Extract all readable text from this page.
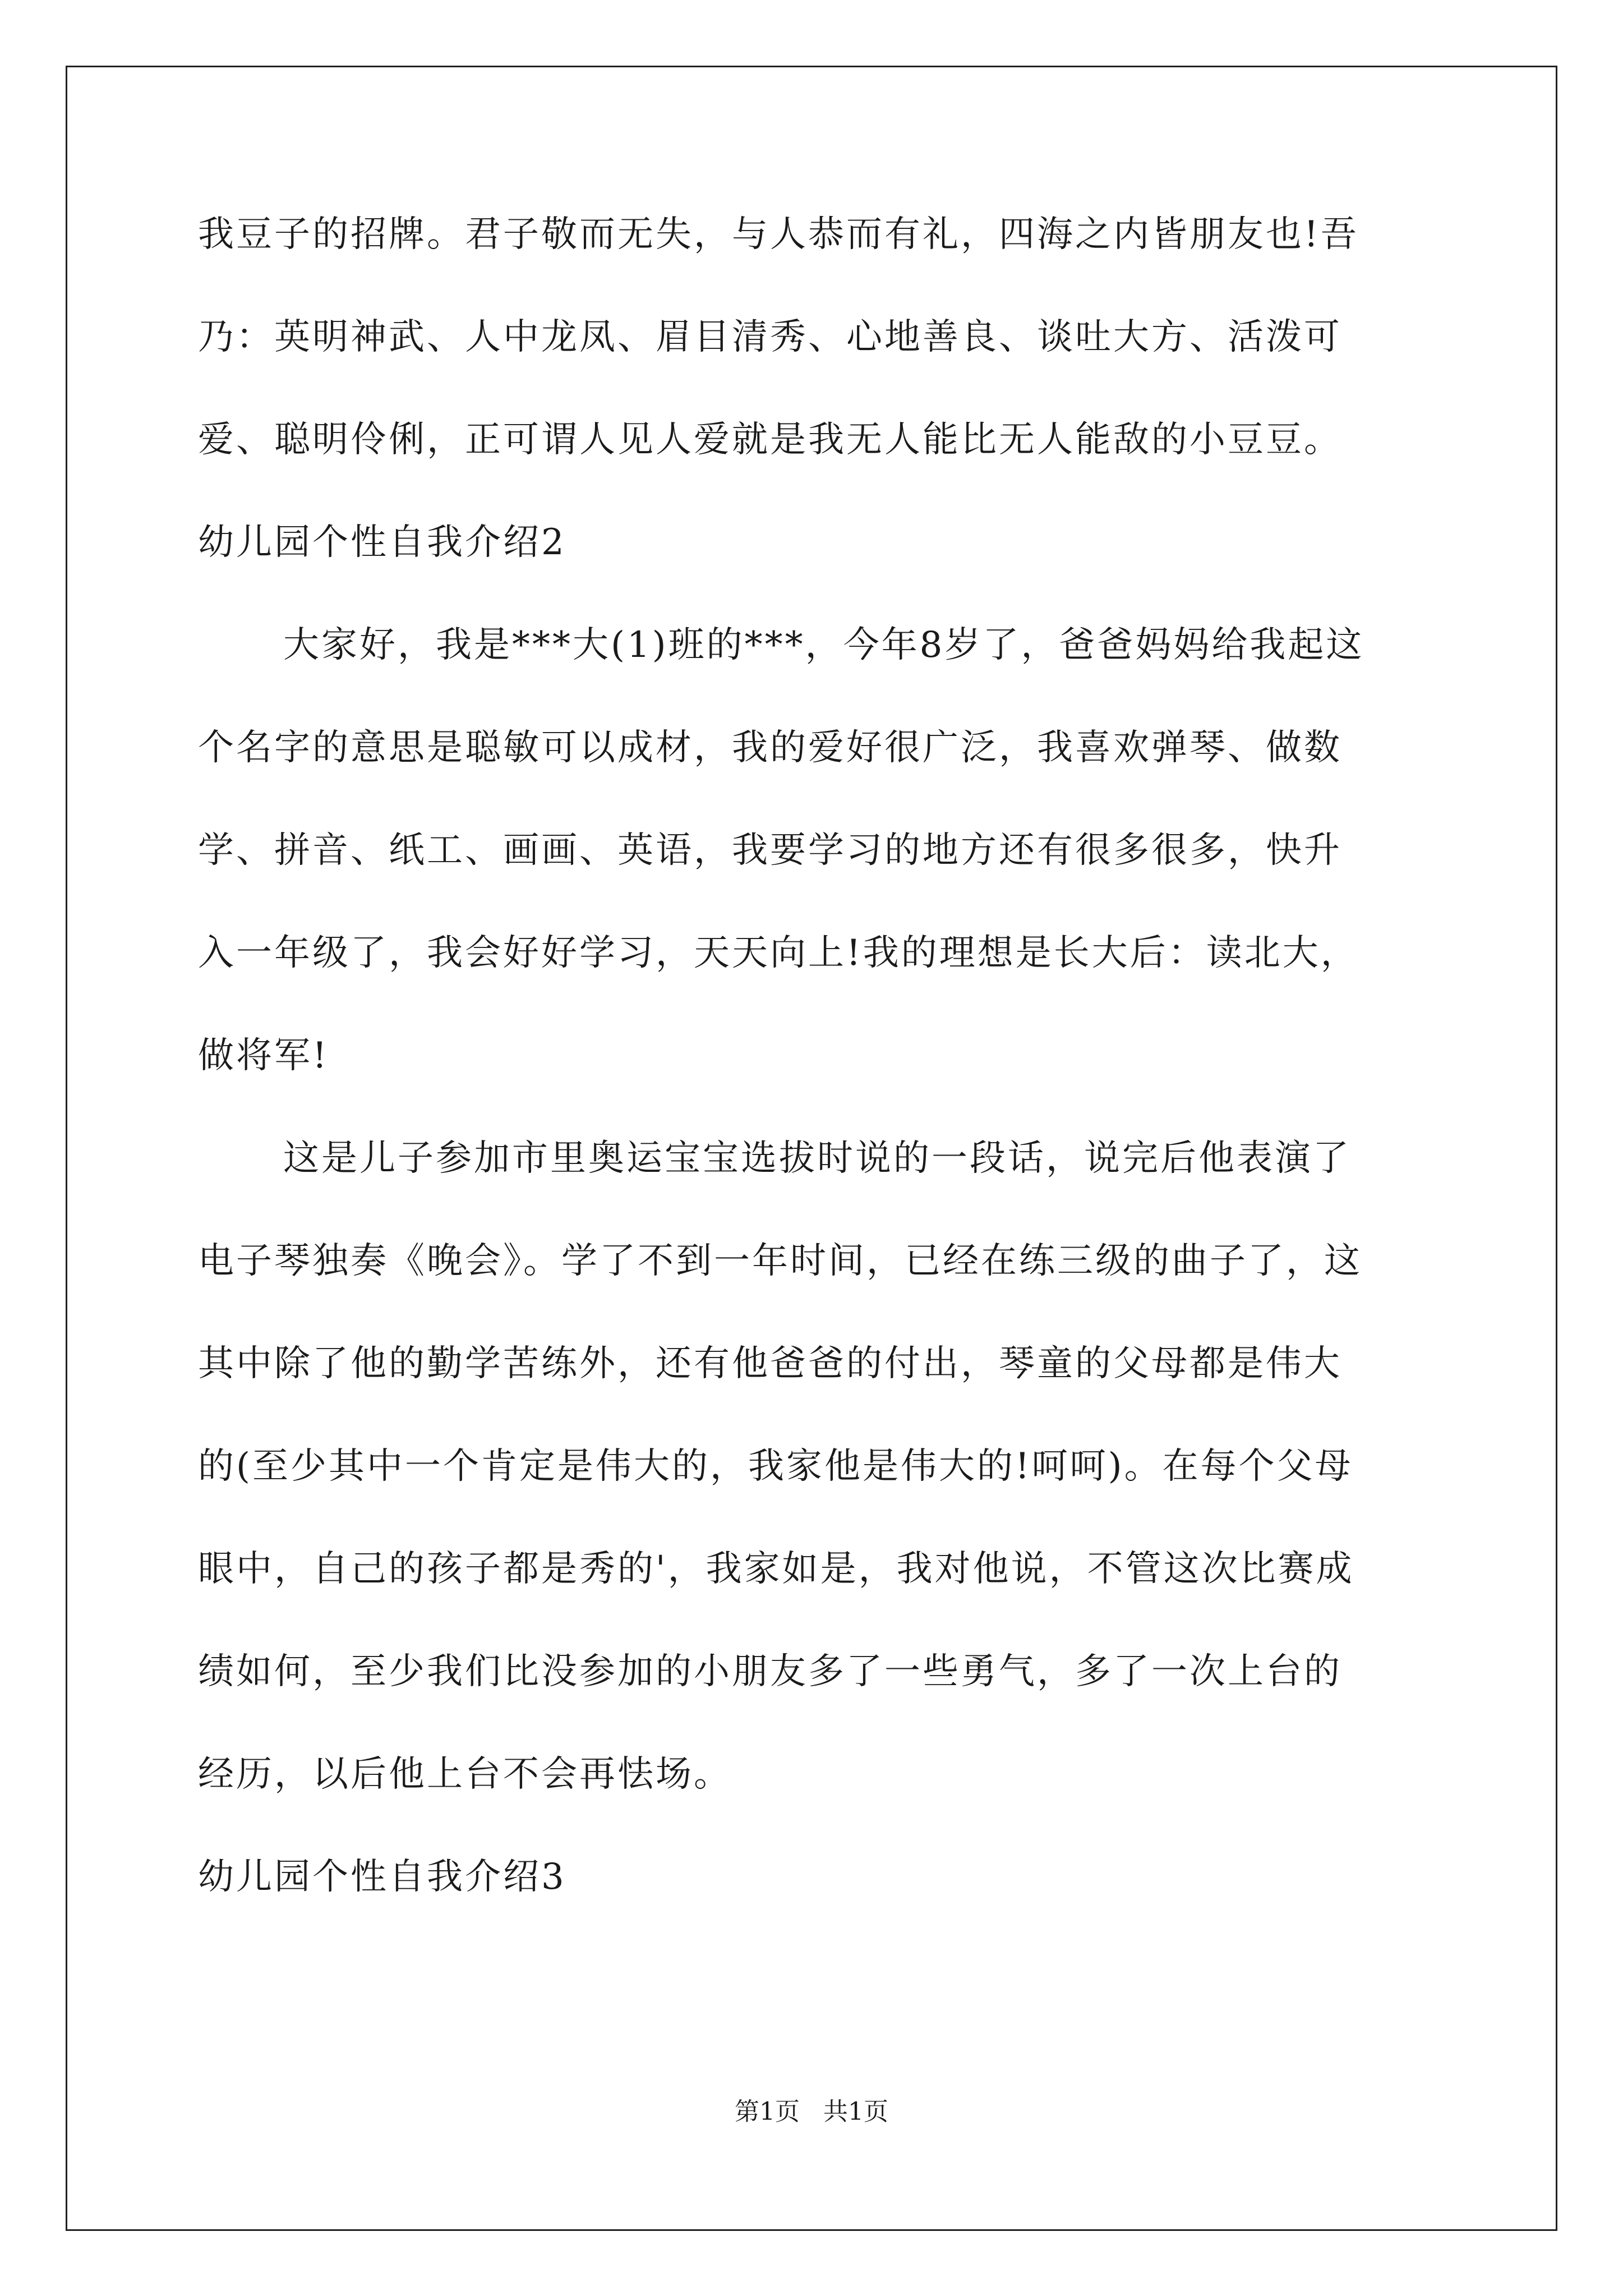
我豆子的招牌。君子敬而无失，与人恭而有礼，四海之内皆朋友也!吾

乃：英明神武、人中龙凤、眉目清秀、心地善良、谈吐大方、活泼可

爱、聪明伶俐，正可谓人见人爱就是我无人能比无人能敌的小豆豆。

幼儿园个性自我介绍2

大家好，我是***大(1)班的***，今年8岁了，爸爸妈妈给我起这

个名字的意思是聪敏可以成材，我的爱好很广泛，我喜欢弹琴、做数

学、拼音、纸工、画画、英语，我要学习的地方还有很多很多，快升

入一年级了，我会好好学习，天天向上!我的理想是长大后：读北大，

做将军!

这是儿子参加市里奥运宝宝选拔时说的一段话，说完后他表演了

电子琴独奏《晚会》。学了不到一年时间，已经在练三级的曲子了，这

其中除了他的勤学苦练外，还有他爸爸的付出，琴童的父母都是伟大

的(至少其中一个肯定是伟大的，我家他是伟大的!呵呵)。在每个父母

眼中，自己的孩子都是秀的'，我家如是，我对他说，不管这次比赛成

绩如何，至少我们比没参加的小朋友多了一些勇气，多了一次上台的

经历，以后他上台不会再怯场。

幼儿园个性自我介绍3

第1页 共1页
